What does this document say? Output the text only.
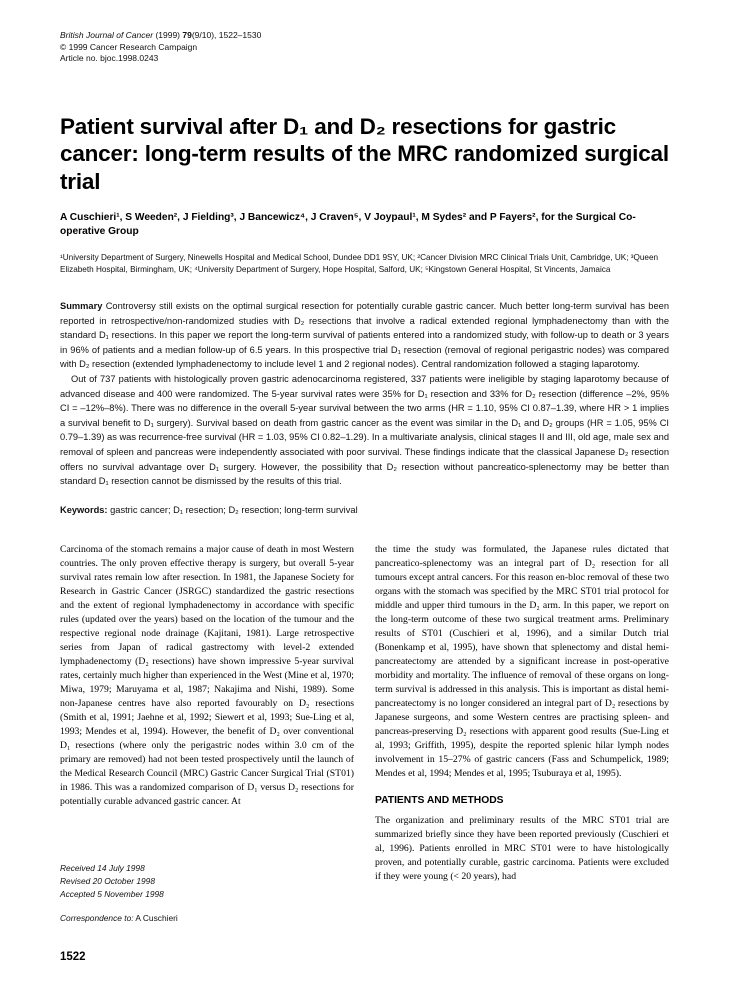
British Journal of Cancer (1999) 79(9/10), 1522–1530
© 1999 Cancer Research Campaign
Article no. bjoc.1998.0243
Patient survival after D₁ and D₂ resections for gastric cancer: long-term results of the MRC randomized surgical trial

A Cuschieri¹, S Weeden², J Fielding³, J Bancewicz⁴, J Craven⁵, V Joypaul¹, M Sydes² and P Fayers², for the Surgical Co-operative Group

¹University Department of Surgery, Ninewells Hospital and Medical School, Dundee DD1 9SY, UK; ²Cancer Division MRC Clinical Trials Unit, Cambridge, UK; ³Queen Elizabeth Hospital, Birmingham, UK; ⁴University Department of Surgery, Hope Hospital, Salford, UK; ⁵Kingstown General Hospital, St Vincents, Jamaica

Summary Controversy still exists on the optimal surgical resection for potentially curable gastric cancer. Much better long-term survival has been reported in retrospective/non-randomized studies with D₂ resections that involve a radical extended regional lymphadenectomy than with the standard D₁ resections. In this paper we report the long-term survival of patients entered into a randomized study, with follow-up to death or 3 years in 96% of patients and a median follow-up of 6.5 years. In this prospective trial D₁ resection (removal of regional perigastric nodes) was compared with D₂ resection (extended lymphadenectomy to include level 1 and 2 regional nodes). Central randomization followed a staging laparotomy.

Out of 737 patients with histologically proven gastric adenocarcinoma registered, 337 patients were ineligible by staging laparotomy because of advanced disease and 400 were randomized. The 5-year survival rates were 35% for D₁ resection and 33% for D₂ resection (difference –2%, 95% CI = –12%–8%). There was no difference in the overall 5-year survival between the two arms (HR = 1.10, 95% CI 0.87–1.39, where HR > 1 implies a survival benefit to D₁ surgery). Survival based on death from gastric cancer as the event was similar in the D₁ and D₂ groups (HR = 1.05, 95% CI 0.79–1.39) as was recurrence-free survival (HR = 1.03, 95% CI 0.82–1.29). In a multivariate analysis, clinical stages II and III, old age, male sex and removal of spleen and pancreas were independently associated with poor survival. These findings indicate that the classical Japanese D₂ resection offers no survival advantage over D₁ surgery. However, the possibility that D₂ resection without pancreatico-splenectomy may be better than standard D₁ resection cannot be dismissed by the results of this trial.

Keywords: gastric cancer; D₁ resection; D₂ resection; long-term survival

Carcinoma of the stomach remains a major cause of death in most Western countries. The only proven effective therapy is surgery, but overall 5-year survival rates remain low after resection. In 1981, the Japanese Society for Research in Gastric Cancer (JSRGC) standardized the gastric resections and the extent of regional lymphadenectomy in accordance with specific rules (updated over the years) based on the location of the tumour and the respective regional node drainage (Kajitani, 1981). Large retrospective series from Japan of radical gastrectomy with level-2 extended lymphadenectomy (D₂ resections) have shown impressive 5-year survival rates, certainly much higher than experienced in the West (Mine et al, 1970; Miwa, 1979; Maruyama et al, 1987; Nakajima and Nishi, 1989). Some non-Japanese centres have also reported favourably on D₂ resections (Smith et al, 1991; Jaehne et al, 1992; Siewert et al, 1993; Sue-Ling et al, 1993; Mendes et al, 1994). However, the benefit of D₂ over conventional D₁ resections (where only the perigastric nodes within 3.0 cm of the primary are removed) had not been tested prospectively until the launch of the Medical Research Council (MRC) Gastric Cancer Surgical Trial (ST01) in 1986. This was a randomized comparison of D₁ versus D₂ resections for potentially curable advanced gastric cancer. At

Received 14 July 1998

Revised 20 October 1998

Accepted 5 November 1998

Correspondence to: A Cuschieri

the time the study was formulated, the Japanese rules dictated that pancreatico-splenectomy was an integral part of D₂ resection for all tumours except antral cancers. For this reason en-bloc removal of these two organs with the stomach was specified by the MRC ST01 trial protocol for middle and upper third tumours in the D₂ arm. In this paper, we report on the long-term outcome of these two surgical treatment arms. Preliminary results of ST01 (Cuschieri et al, 1996), and a similar Dutch trial (Bonenkamp et al, 1995), have shown that splenectomy and distal hemi-pancreatectomy are attended by a significant increase in post-operative morbidity and mortality. The influence of removal of these organs on long-term survival is addressed in this analysis. This is important as distal hemi-pancreatectomy is no longer considered an integral part of D₂ resections by Japanese surgeons, and some Western centres are practising spleen- and pancreas-preserving D₂ resections with apparent good results (Sue-Ling et al, 1993; Griffith, 1995), despite the reported splenic hilar lymph nodes involvement in 15–27% of gastric cancers (Fass and Schumpelick, 1989; Mendes et al, 1994; Mendes et al, 1995; Tsuburaya et al, 1995).

PATIENTS AND METHODS

The organization and preliminary results of the MRC ST01 trial are summarized briefly since they have been reported previously (Cuschieri et al, 1996). Patients enrolled in MRC ST01 were to have histologically proven, and potentially curable, gastric carcinoma. Patients were excluded if they were young (< 20 years), had

1522
